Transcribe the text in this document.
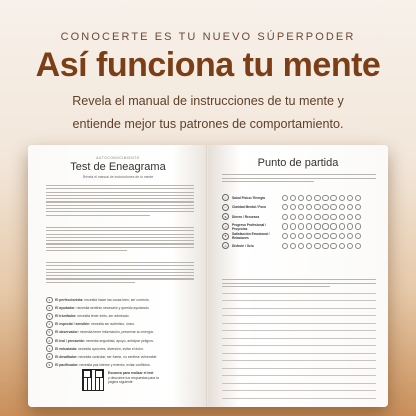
CONOCERTE ES TU NUEVO SÚPERPODER
Así funciona tu mente
Revela el manual de instrucciones de tu mente y
entiende mejor tus patrones de comportamiento.
AUTOCONOCIMIENTO
Test de Eneagrama
Revela el manual de instrucciones de tu mente
1	El perfeccionista: necesita hacer las cosas bien, ser correcto.
2	El ayudador: necesita sentirse necesario y querido ayudando.
3	El triunfador: necesita tener éxito, ser admirado.
4	El especial / sensible: necesita ser auténtico, único.
5	El observador: necesita tener información, preservar su energía.
6	El leal / precavido: necesita seguridad, apoyo, anticipar peligros.
7	El entusiasta: necesita opciones, diversión, evitar el dolor.
8	El desafiador: necesita controlar, ser fuerte, no sentirse vulnerable.
9	El pacificador: necesita paz interior y exterior, evitar conflictos.
Escanea para realizar el test
y descubre tus respuestas para la
página siguiente
Punto de partida
♡	Salud Física / Energía
☼	Claridad Mental / Foco
$	Dinero / Recursos
↗	Progreso Profesional / Proyectos
♥	Satisfacción Emocional / Relaciones
☺	Disfrute / Ocio
